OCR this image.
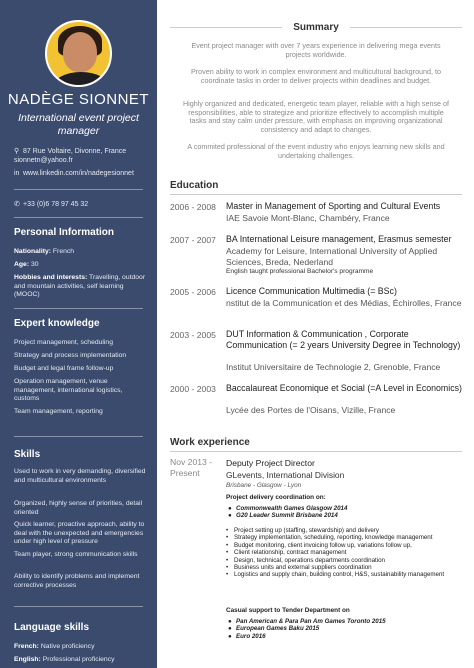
NADÈGE SIONNET
International event project manager
⚲ 87 Rue Voltaire, Divonne, France
sionnetn@yahoo.fr
in www.linkedin.com/in/nadegesionnet
✆ +33 (0)6 78 97 45 32
Personal Information
Nationality: French
Age: 30
Hobbies and interests: Travelling, outdoor and mountain activities, self learning (MOOC)
Expert knowledge
Project management, scheduling
Strategy and process implementation
Budget and legal frame follow-up
Operation management, venue management, international logistics, customs
Team management, reporting
Skills
Used to work in very demanding, diversified and multicultural environments
Organized, highly sense of priorities, detail oriented
Quick learner, proactive approach, ability to deal with the unexpected and emergencies under high level of pressure
Team player, strong communication skills
Ability to identify problems and implement corrective processes
Language skills
French: Native proficiency
English: Professional proficiency
Summary
Event project manager with over 7 years experience in delivering mega events projects worldwide.
Proven ability to work in complex environment and multicultural background, to coordinate tasks in order to deliver projects within deadlines and budget.
Highly organized and dedicated, energetic team player, reliable with a high sense of responsibilities, able to strategize and prioritize effectively to accomplish multiple tasks and stay calm under pressure, with emphasis on improving organizational consistency and adapt to changes.
A commited professional of the event industry who enjoys learning new skills and undertaking challenges.
Education
2006 - 2008 Master in Management of Sporting and Cultural Events
IAE Savoie Mont-Blanc, Chambéry, France
2007 - 2007 BA International Leisure management, Erasmus semester
Academy for Leisure, International University of Applied Sciences, Breda, Nederland
English taught professional Bachelor's programme
2005 - 2006 Licence Communication Multimedia (= BSc)
nstitut de la Communication et des Médias, Échirolles, France
2003 - 2005 DUT Information & Communication , Corporate Communication (= 2 years University Degree in Technology)
Institut Universitaire de Technologie 2, Grenoble, France
2000 - 2003 Baccalaureat Economique et Social (=A Level in Economics)
Lycée des Portes de l'Oisans, Vizille, France
Work experience
Nov 2013 -
Present
Deputy Project Director
GLevents, International Division
Brisbane - Glasgow - Lyon
Project delivery coordination on:
● Commonwealth Games Glasgow 2014
● G20 Leader Summit Brisbane 2014
• Project setting up (staffing, stewardship) and delivery
• Strategy implementation, scheduling, reporting, knowledge management
• Budget monitoring, client invoicing follow up, variations follow up,
• Client relationship, contract management
• Design, technical, operations departments coordination
• Business units and external suppliers coordination
• Logistics and supply chain, building control, H&S, sustainability management
Casual support to Tender Department on
● Pan American & Para Pan Am Games Toronto 2015
● European Games Baku 2015
● Euro 2016
